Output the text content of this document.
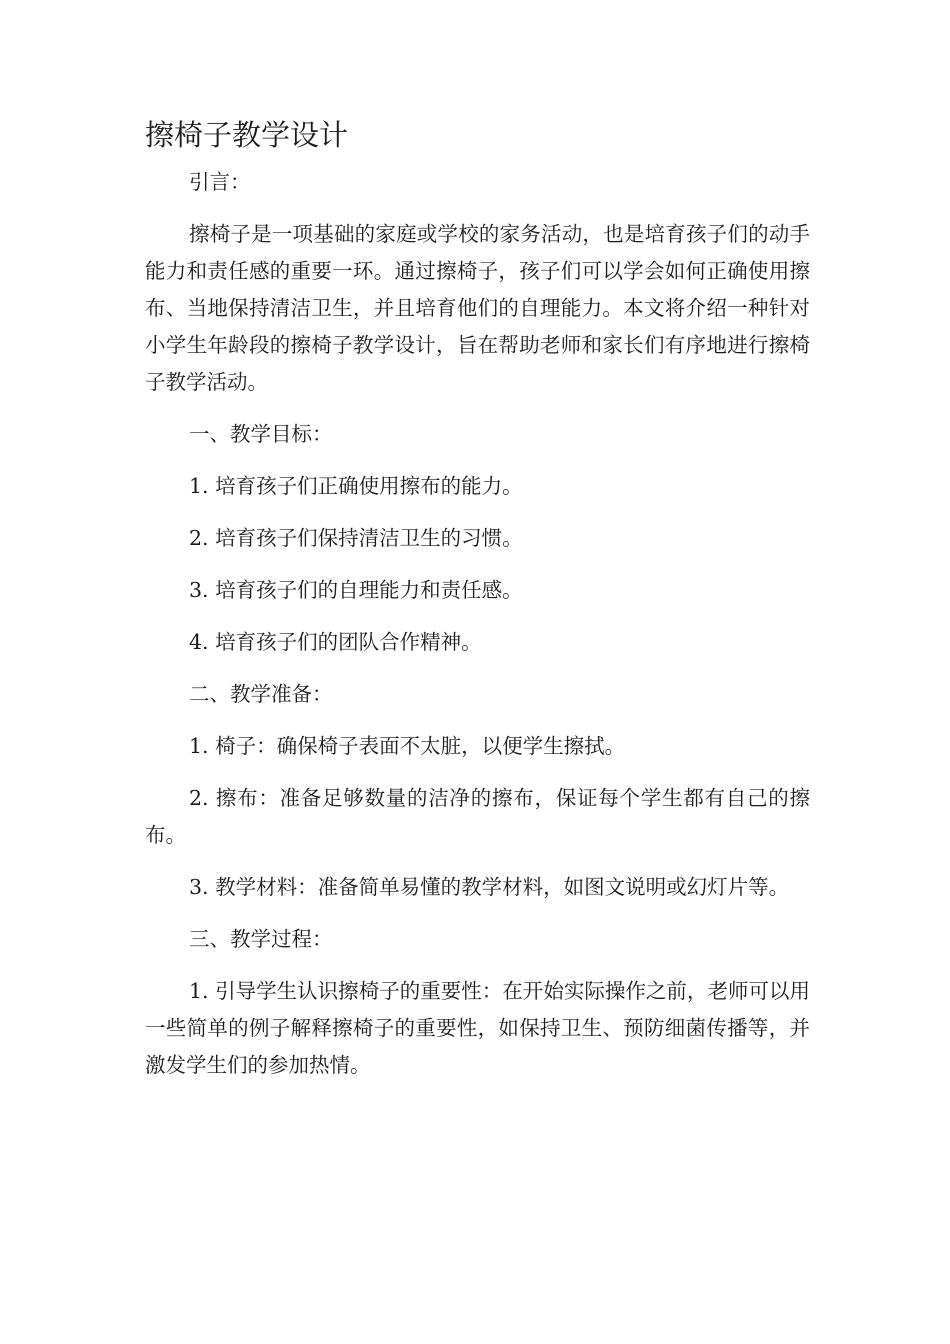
擦椅子教学设计

引言：

擦椅子是一项基础的家庭或学校的家务活动，也是培育孩子们的动手能力和责任感的重要一环。通过擦椅子，孩子们可以学会如何正确使用擦布、当地保持清洁卫生，并且培育他们的自理能力。本文将介绍一种针对小学生年龄段的擦椅子教学设计，旨在帮助老师和家长们有序地进行擦椅子教学活动。

一、教学目标：

1. 培育孩子们正确使用擦布的能力。

2. 培育孩子们保持清洁卫生的习惯。

3. 培育孩子们的自理能力和责任感。

4. 培育孩子们的团队合作精神。

二、教学准备：

1. 椅子：确保椅子表面不太脏，以便学生擦拭。

2. 擦布：准备足够数量的洁净的擦布，保证每个学生都有自己的擦布。

3. 教学材料：准备简单易懂的教学材料，如图文说明或幻灯片等。

三、教学过程：

1. 引导学生认识擦椅子的重要性：在开始实际操作之前，老师可以用一些简单的例子解释擦椅子的重要性，如保持卫生、预防细菌传播等，并激发学生们的参加热情。
